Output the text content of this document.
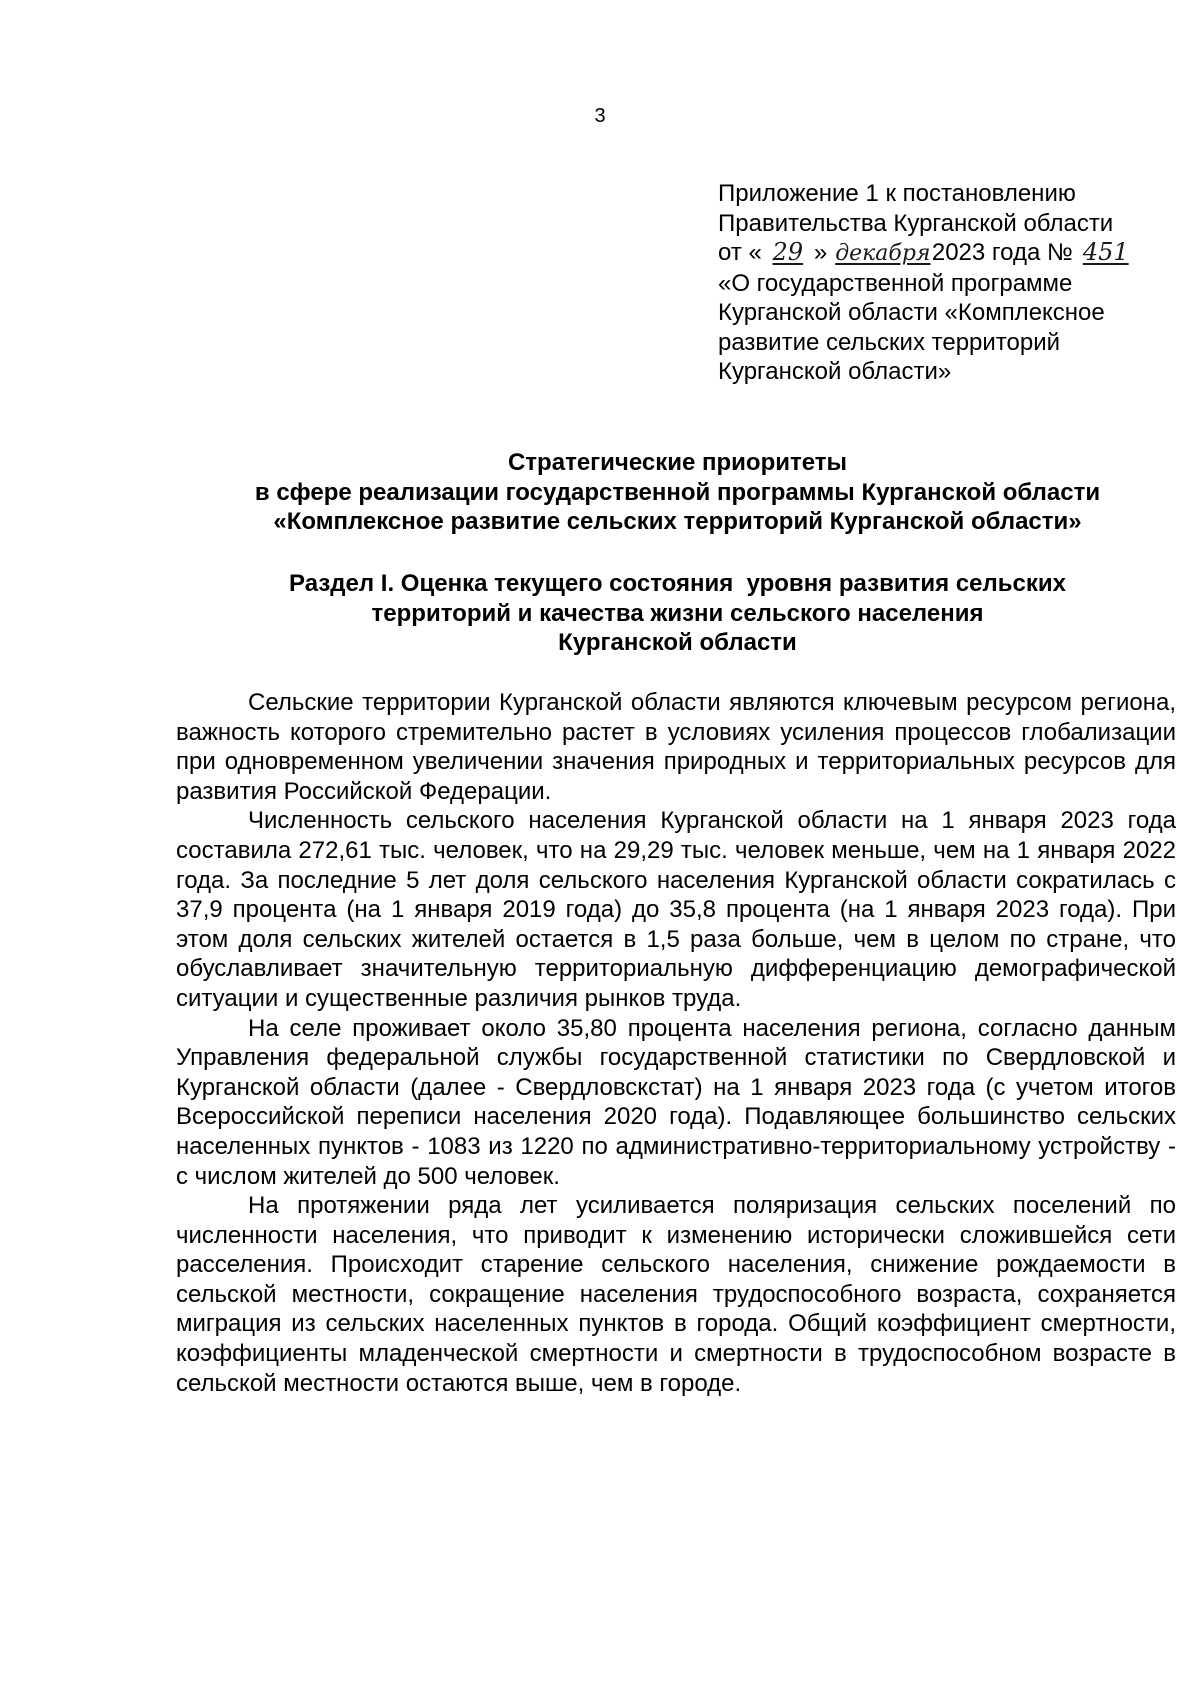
3
Приложение 1 к постановлению
Правительства Курганской области
от « 29 » декабря2023 года № 451
«О государственной программе
Курганской области «Комплексное
развитие сельских территорий
Курганской области»
Стратегические приоритеты
в сфере реализации государственной программы Курганской области
«Комплексное развитие сельских территорий Курганской области»
Раздел I. Оценка текущего состояния  уровня развития сельских
территорий и качества жизни сельского населения
Курганской области

Сельские территории Курганской области являются ключевым ресурсом региона, важность которого стремительно растет в условиях усиления процессов глобализации при одновременном увеличении значения природных и территориальных ресурсов для развития Российской Федерации.

Численность сельского населения Курганской области на 1 января 2023 года составила 272,61 тыс. человек, что на 29,29 тыс. человек меньше, чем на 1 января 2022 года. За последние 5 лет доля сельского населения Курганской области сократилась с 37,9 процента (на 1 января 2019 года) до 35,8 процента (на 1 января 2023 года). При этом доля сельских жителей остается в 1,5 раза больше, чем в целом по стране, что обуславливает значительную территориальную дифференциацию демографической ситуации и существенные различия рынков труда.

На селе проживает около 35,80 процента населения региона, согласно данным Управления федеральной службы государственной статистики по Свердловской и Курганской области (далее - Свердловскстат) на 1 января 2023 года (с учетом итогов Всероссийской переписи населения 2020 года). Подавляющее большинство сельских населенных пунктов - 1083 из 1220 по административно-территориальному устройству - с числом жителей до 500 человек.

На протяжении ряда лет усиливается поляризация сельских поселений по численности населения, что приводит к изменению исторически сложившейся сети расселения. Происходит старение сельского населения, снижение рождаемости в сельской местности, сокращение населения трудоспособного возраста, сохраняется миграция из сельских населенных пунктов в города. Общий коэффициент смертности, коэффициенты младенческой смертности и смертности в трудоспособном возрасте в сельской местности остаются выше, чем в городе.
